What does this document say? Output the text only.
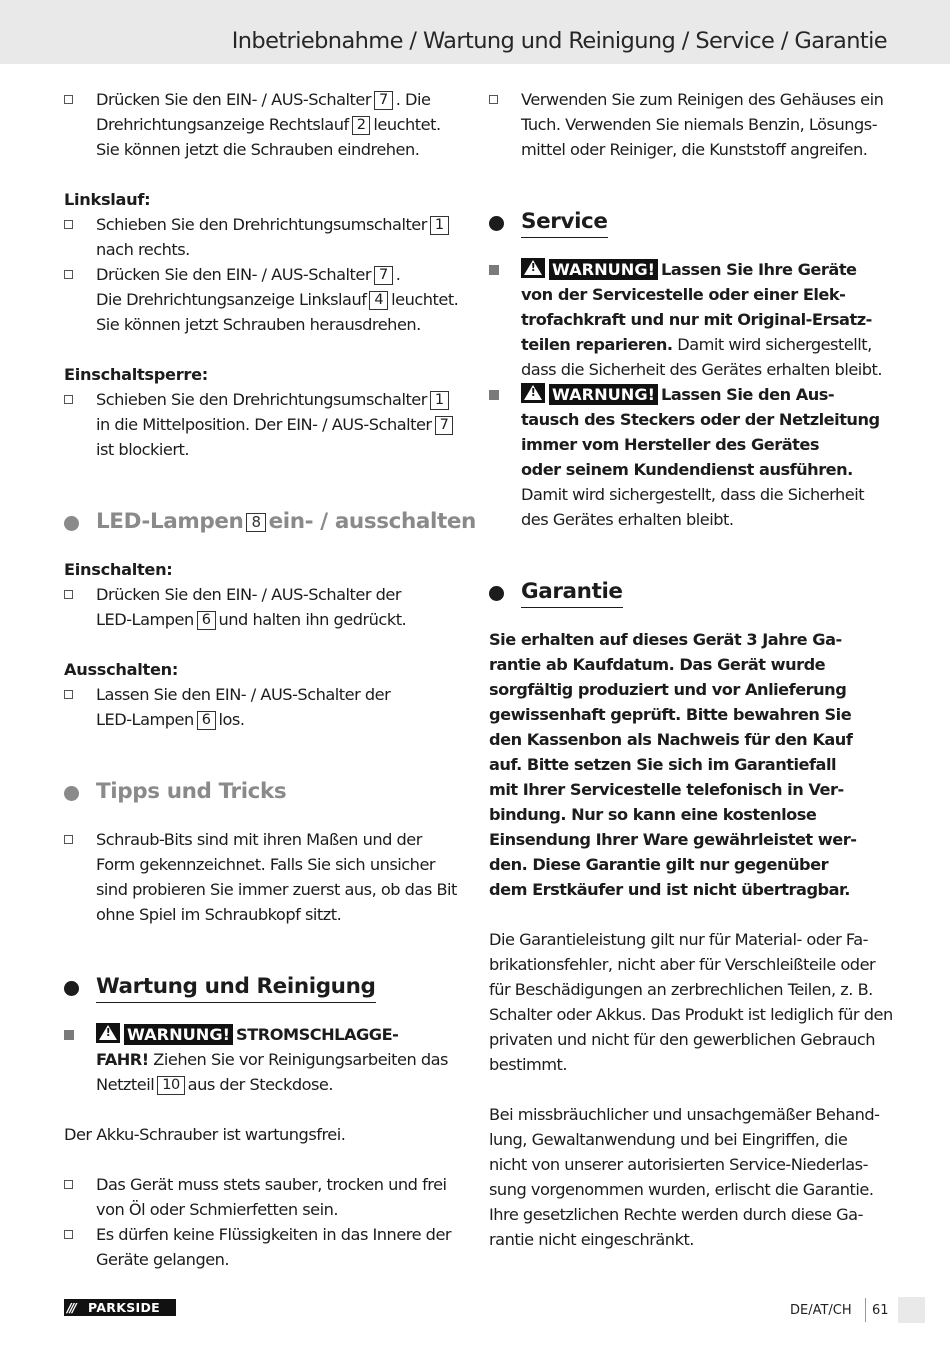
Inbetriebnahme / Wartung und Reinigung / Service / Garantie
Drücken Sie den EIN- / AUS-Schalter 7 . Die
Drehrichtungsanzeige Rechtslauf 2 leuchtet.
Sie können jetzt die Schrauben eindrehen.
Linkslauf:
Schieben Sie den Drehrichtungsumschalter 1
nach rechts.
Drücken Sie den EIN- / AUS-Schalter 7 .
Die Drehrichtungsanzeige Linkslauf 4 leuchtet.
Sie können jetzt Schrauben herausdrehen.
Einschaltsperre:
Schieben Sie den Drehrichtungsumschalter 1
in die Mittelposition. Der EIN- / AUS-Schalter 7
ist blockiert.
LED-Lampen 8 ein- / ausschalten
Einschalten:
Drücken Sie den EIN- / AUS-Schalter der
LED-Lampen 6 und halten ihn gedrückt.
Ausschalten:
Lassen Sie den EIN- / AUS-Schalter der
LED-Lampen 6 los.
Tipps und Tricks
Schraub-Bits sind mit ihren Maßen und der
Form gekennzeichnet. Falls Sie sich unsicher
sind probieren Sie immer zuerst aus, ob das Bit
ohne Spiel im Schraubkopf sitzt.
Wartung und Reinigung
!	WARNUNG! STROMSCHLAGGE-
FAHR! Ziehen Sie vor Reinigungsarbeiten das
Netzteil 10 aus der Steckdose.
Der Akku-Schrauber ist wartungsfrei.
Das Gerät muss stets sauber, trocken und frei
von Öl oder Schmierfetten sein.
Es dürfen keine Flüssigkeiten in das Innere der
Geräte gelangen.
Verwenden Sie zum Reinigen des Gehäuses ein
Tuch. Verwenden Sie niemals Benzin, Lösungs-
mittel oder Reiniger, die Kunststoff angreifen.
Service
!	WARNUNG! Lassen Sie Ihre Geräte
von der Servicestelle oder einer Elek-
trofachkraft und nur mit Original-Ersatz-
teilen reparieren. Damit wird sichergestellt,
dass die Sicherheit des Gerätes erhalten bleibt.
!	WARNUNG! Lassen Sie den Aus-
tausch des Steckers oder der Netzleitung
immer vom Hersteller des Gerätes
oder seinem Kundendienst ausführen.
Damit wird sichergestellt, dass die Sicherheit
des Gerätes erhalten bleibt.
Garantie
Sie erhalten auf dieses Gerät 3 Jahre Ga-
rantie ab Kaufdatum. Das Gerät wurde
sorgfältig produziert und vor Anlieferung
gewissenhaft geprüft. Bitte bewahren Sie
den Kassenbon als Nachweis für den Kauf
auf. Bitte setzen Sie sich im Garantiefall
mit Ihrer Servicestelle telefonisch in Ver-
bindung. Nur so kann eine kostenlose
Einsendung Ihrer Ware gewährleistet wer-
den. Diese Garantie gilt nur gegenüber
dem Erstkäufer und ist nicht übertragbar.
Die Garantieleistung gilt nur für Material- oder Fa-
brikationsfehler, nicht aber für Verschleißteile oder
für Beschädigungen an zerbrechlichen Teilen, z. B.
Schalter oder Akkus. Das Produkt ist lediglich für den
privaten und nicht für den gewerblichen Gebrauch
bestimmt.
Bei missbräuchlicher und unsachgemäßer Behand-
lung, Gewaltanwendung und bei Eingriffen, die
nicht von unserer autorisierten Service-Niederlas-
sung vorgenommen wurden, erlischt die Garantie.
Ihre gesetzlichen Rechte werden durch diese Ga-
rantie nicht eingeschränkt.
/// PARKSIDE	DE/AT/CH 61
